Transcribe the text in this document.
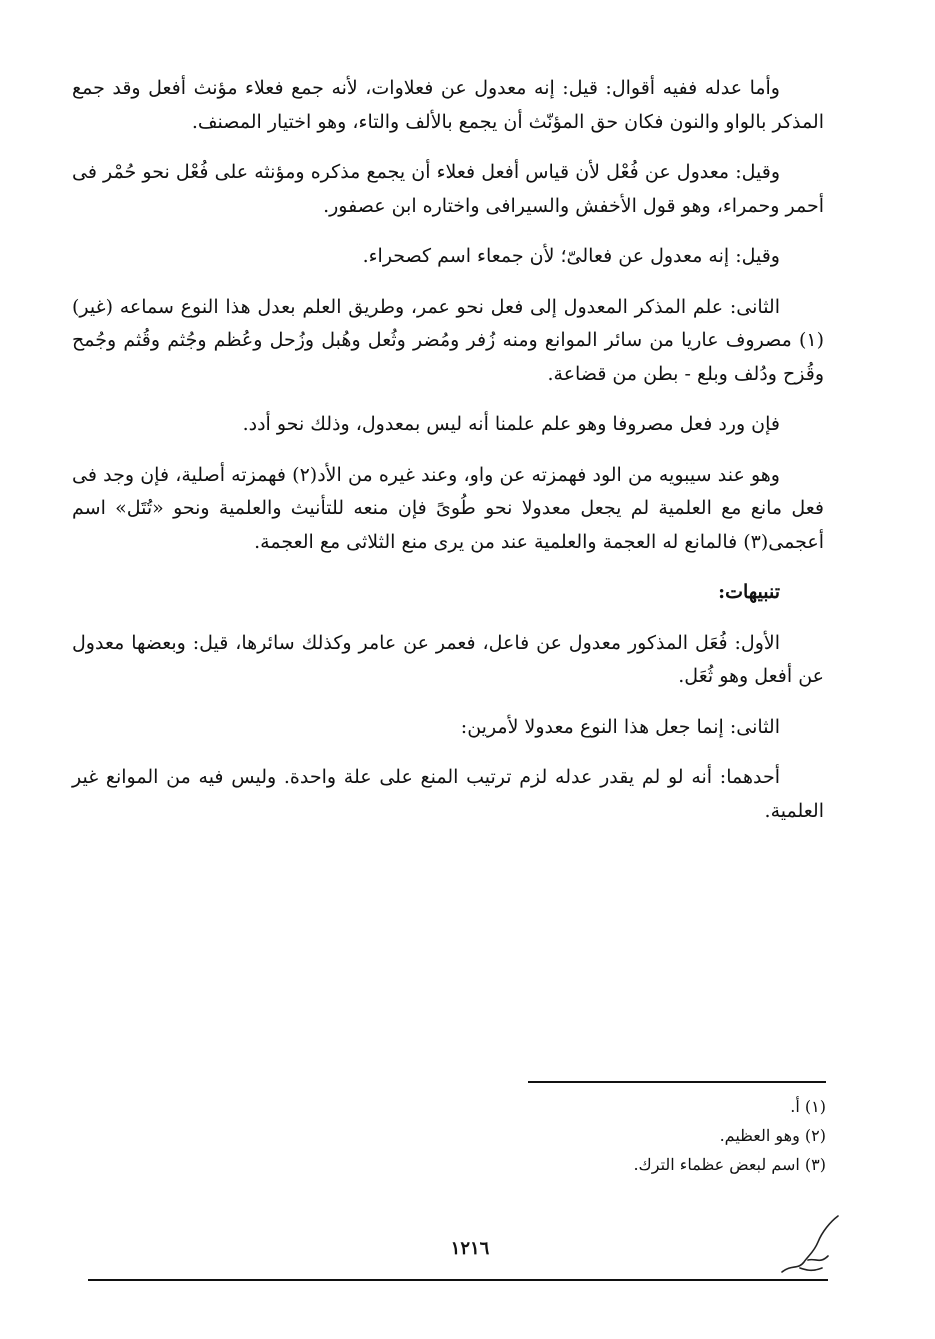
وأما عدله ففيه أقوال: قيل: إنه معدول عن فعلاوات، لأنه جمع فعلاء مؤنث أفعل وقد جمع المذكر بالواو والنون فكان حق المؤنّث أن يجمع بالألف والتاء، وهو اختيار المصنف.

وقيل: معدول عن فُعْل لأن قياس أفعل فعلاء أن يجمع مذكره ومؤنثه على فُعْل نحو حُمْر فى أحمر وحمراء، وهو قول الأخفش والسيرافى واختاره ابن عصفور.

وقيل: إنه معدول عن فعالىّ؛ لأن جمعاء اسم كصحراء.

الثانى: علم المذكر المعدول إلى فعل نحو عمر، وطريق العلم بعدل هذا النوع سماعه (غير)(١) مصروف عاريا من سائر الموانع ومنه زُفر ومُضر وثُعل وهُبل وزُحل وعُظم وجُثم وقُثم وجُمح وقُزح ودُلف وبلع - بطن من قضاعة.

فإن ورد فعل مصروفا وهو علم علمنا أنه ليس بمعدول، وذلك نحو أدد.

وهو عند سيبويه من الود فهمزته عن واو، وعند غيره من الأد(٢) فهمزته أصلية، فإن وجد فى فعل مانع مع العلمية لم يجعل معدولا نحو طُوىً فإن منعه للتأنيث والعلمية ونحو «تُتَل» اسم أعجمى(٣) فالمانع له العجمة والعلمية عند من يرى منع الثلاثى مع العجمة.

تنبيهات:

الأول: فُعَل المذكور معدول عن فاعل، فعمر عن عامر وكذلك سائرها، قيل: وبعضها معدول عن أفعل وهو ثُعَل.

الثانى: إنما جعل هذا النوع معدولا لأمرين:

أحدهما: أنه لو لم يقدر عدله لزم ترتيب المنع على علة واحدة. وليس فيه من الموانع غير العلمية.

(١) أ.
(٢) وهو العظيم.
(٣) اسم لبعض عظماء الترك.
١٢١٦
